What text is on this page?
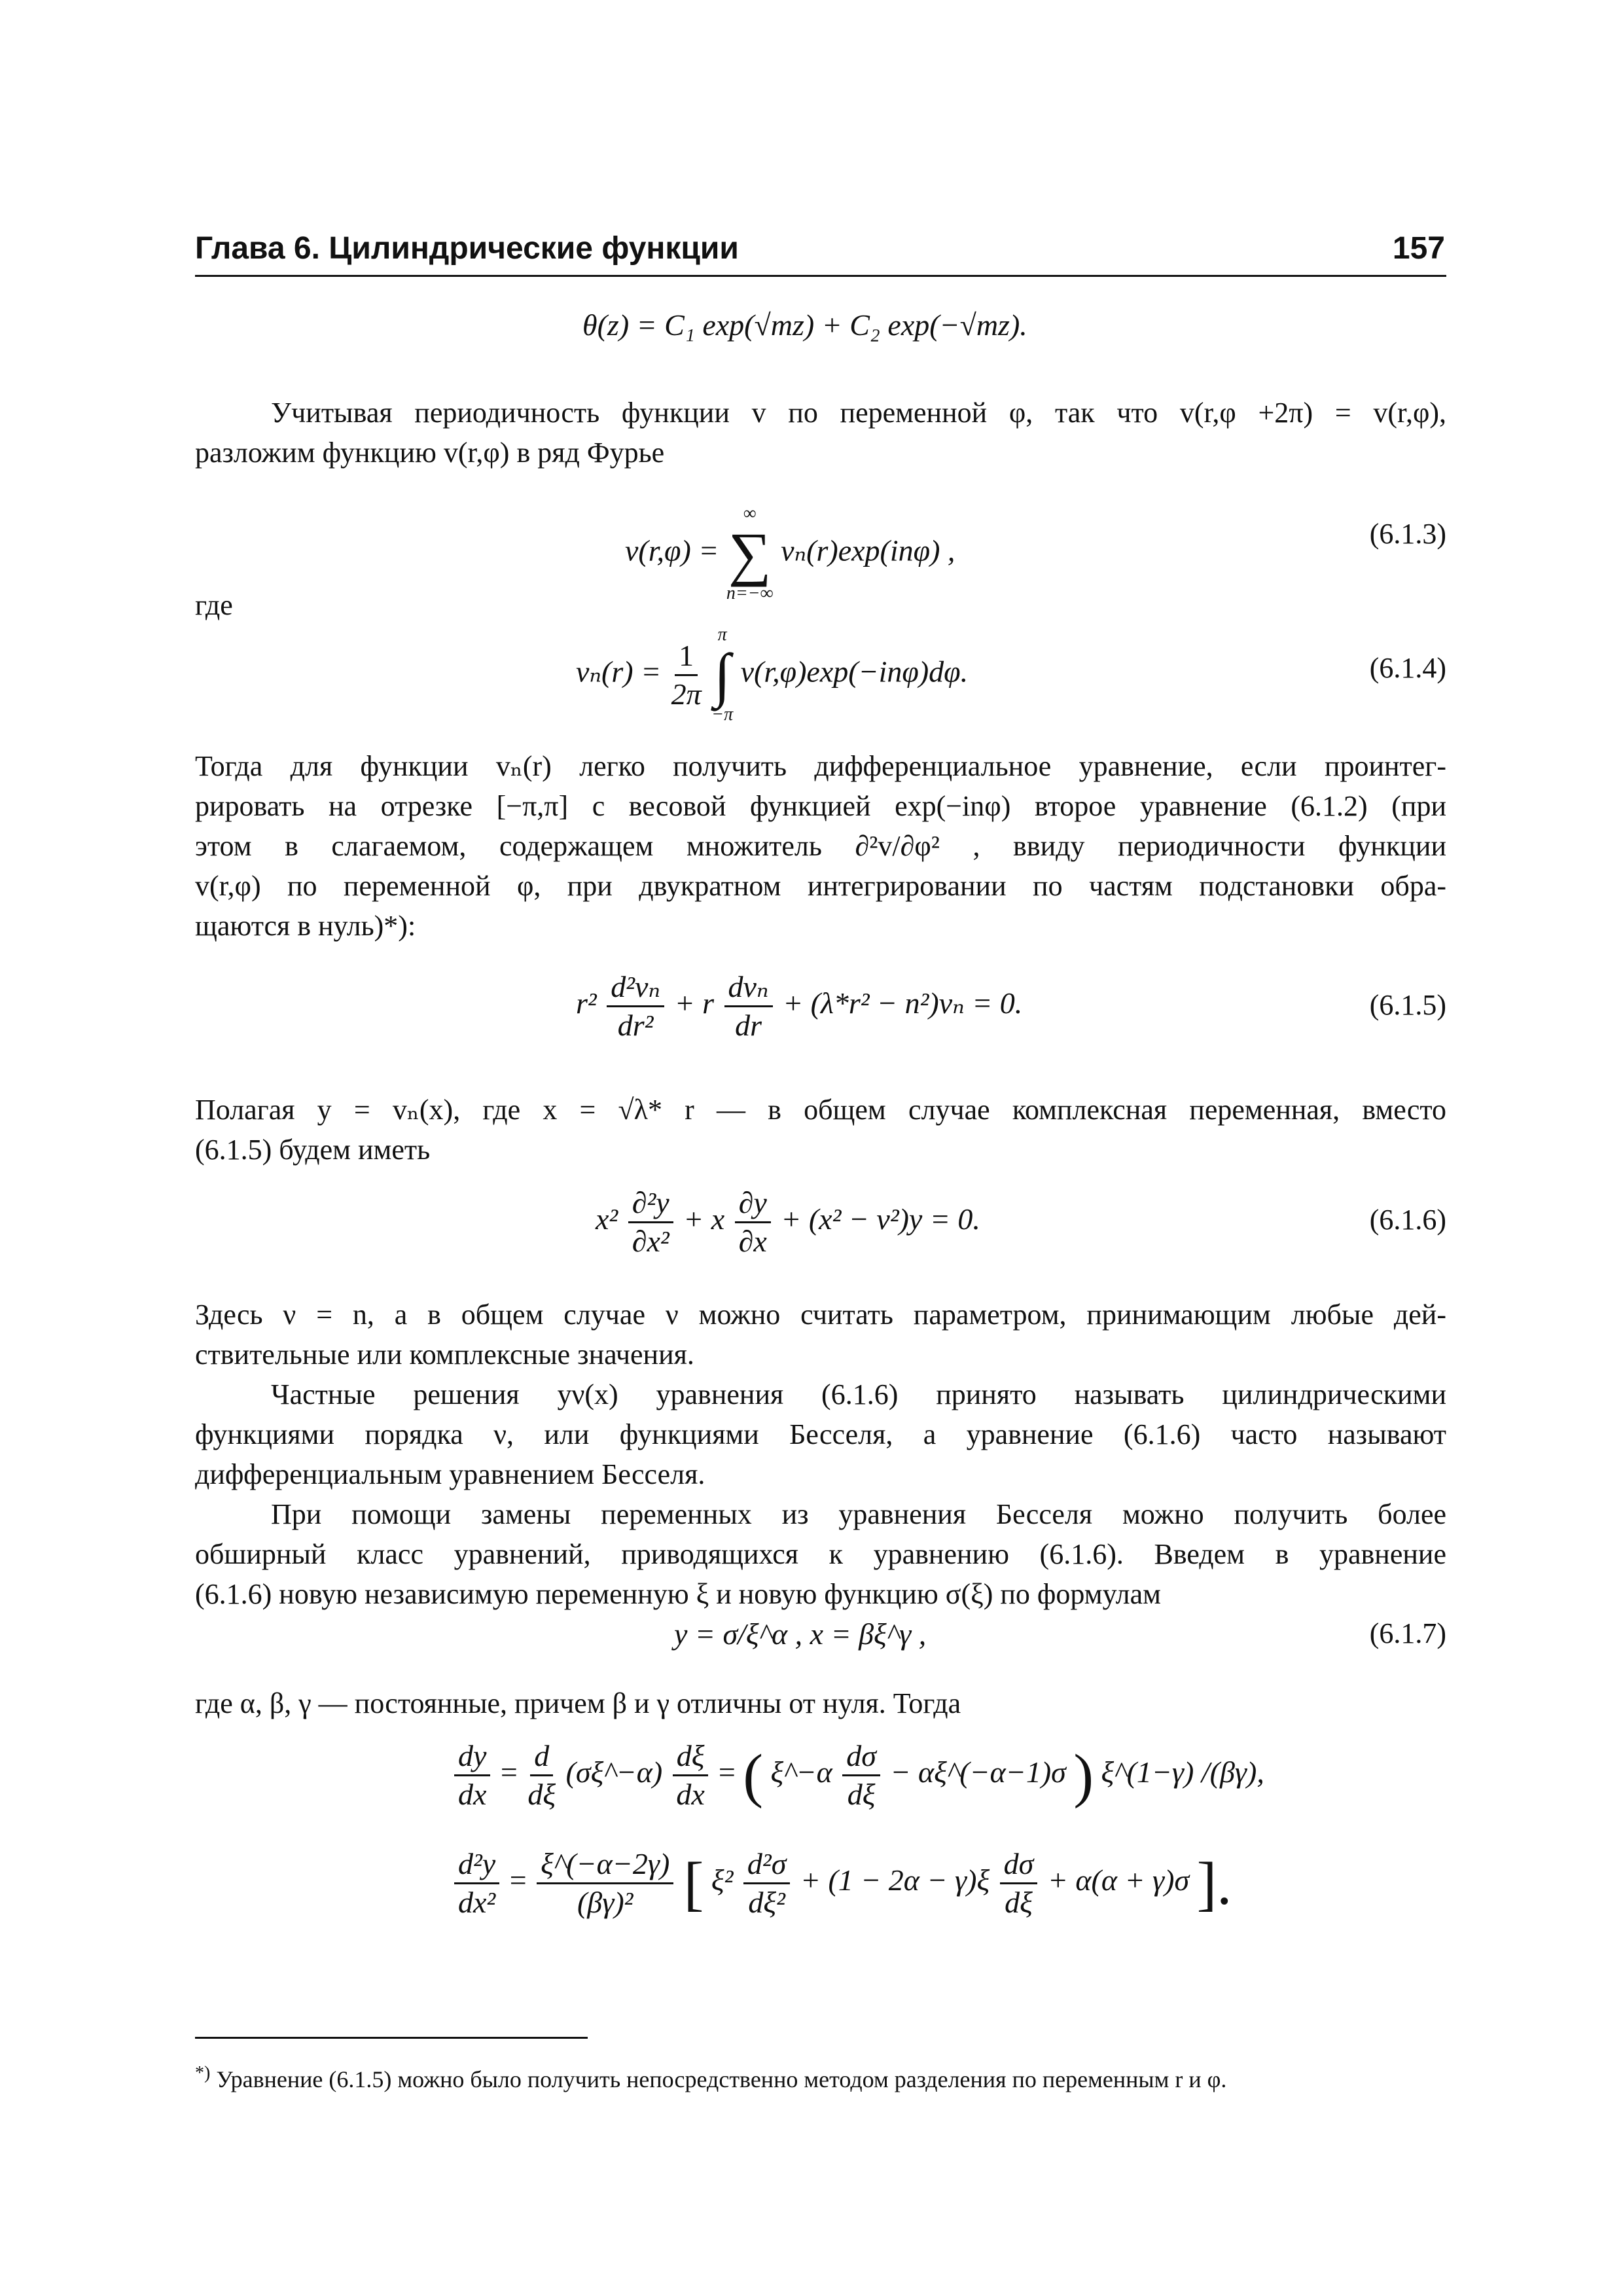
Глава 6. Цилиндрические функции	157
θ(z) = C₁ exp(√mz) + C₂ exp(−√mz).
Учитывая периодичность функции v по переменной φ, так что v(r,φ +2π) = v(r,φ),
разложим функцию v(r,φ) в ряд Фурье
v(r,φ) =
∞
∑
n=−∞
vₙ(r)exp(inφ) ,
(6.1.3)
где
$v_n(r) = \frac{1}{2\pi}$

π
∫
−π
v(r,φ)exp(−inφ)dφ.	(6.1.4)
Тогда для функции vₙ(r) легко получить дифференциальное уравнение, если проинтег-
рировать на отрезке [−π,π] с весовой функцией exp(−inφ) второе уравнение (6.1.2) (при
этом в слагаемом, содержащем множитель ∂²v/∂φ² , ввиду периодичности функции
v(r,φ) по переменной φ, при двукратном интегрировании по частям подстановки обра-
щаются в нуль)*):
$r^2 \frac{\text{d²vₙ}}{\text{dr²}} + r \frac{\text{dvₙ}}{dr} + (\lambda*r^2 - n^2)v_n = 0$.	(6.1.5)
Полагая y = vₙ(x), где x = √λ* r — в общем случае комплексная переменная, вместо
(6.1.5) будем иметь
$x^2 \frac{\text{∂²y}}{\text{∂x²}} + x \frac{\partial y}{\partial x} + (x^2 - \nu^2)y = 0$.	(6.1.6)
Здесь ν = n, а в общем случае ν можно считать параметром, принимающим любые дей-
ствительные или комплексные значения.
Частные решения yν(x) уравнения (6.1.6) принято называть цилиндрическими
функциями порядка ν, или функциями Бесселя, а уравнение (6.1.6) часто называют
дифференциальным уравнением Бесселя.
При помощи замены переменных из уравнения Бесселя можно получить более
обширный класс уравнений, приводящихся к уравнению (6.1.6). Введем в уравнение
(6.1.6) новую независимую переменную ξ и новую функцию σ(ξ) по формулам
y = σ/ξ^α , x = βξ^γ ,	(6.1.7)
где α, β, γ — постоянные, причем β и γ отличны от нуля. Тогда
$\frac{dy}{dx} = \frac{d}{d\xi}$ (σξ^−α) $\frac{d\xi}{dx}$ = ( ξ^−α $\frac{d\sigma}{d\xi}$ − αξ^(−α−1)σ ) ξ^(1−γ) /(βγ),
$\frac{\text{d²y}}{\text{dx²}} = \frac{\xi\^{}(-\alpha-2\gamma)}{\text{(βγ)²}}$ [ $\xi^2 \frac{\text{d²σ}}{\text{dξ²}} + (1 - 2\alpha - \gamma)\xi \frac{d\sigma}{d\xi} + \alpha(\alpha + \gamma)\sigma$ ].
*) Уравнение (6.1.5) можно было получить непосредственно методом разделения по переменным r и φ.
